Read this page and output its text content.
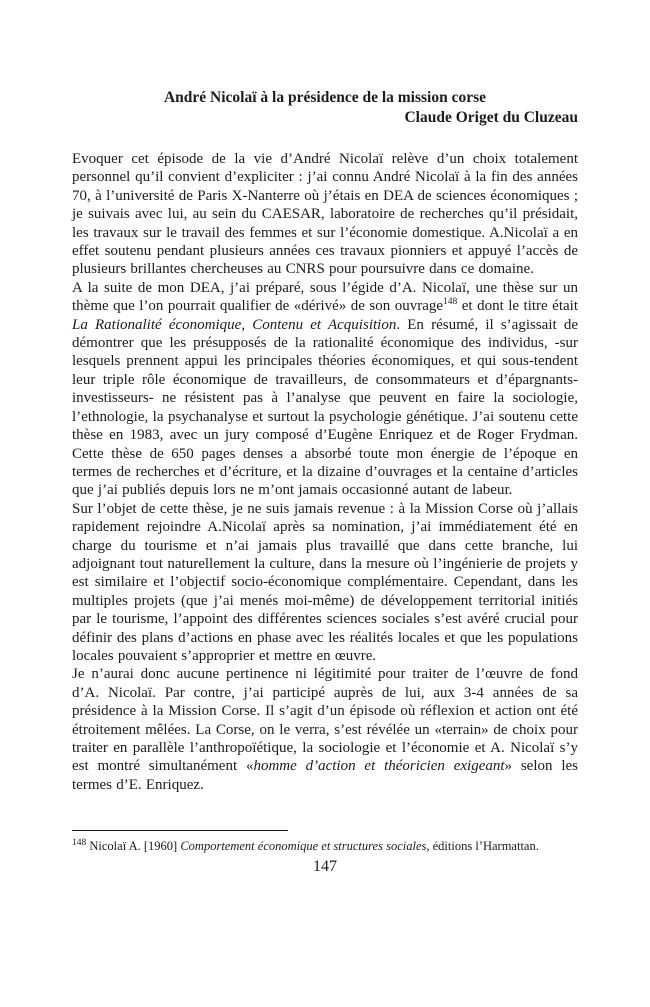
André Nicolaï à la présidence de la mission corse
Claude Origet du Cluzeau

Evoquer cet épisode de la vie d’André Nicolaï relève d’un choix totalement personnel qu’il convient d’expliciter : j’ai connu André Nicolaï à la fin des années 70, à l’université de Paris X-Nanterre où j’étais en DEA de sciences économiques ; je suivais avec lui, au sein du CAESAR, laboratoire de recherches qu’il présidait, les travaux sur le travail des femmes et sur l’économie domestique. A.Nicolaï a en effet soutenu pendant plusieurs années ces travaux pionniers et appuyé l’accès de plusieurs brillantes chercheuses au CNRS pour poursuivre dans ce domaine.

A la suite de mon DEA, j’ai préparé, sous l’égide d’A. Nicolaï, une thèse sur un thème que l’on pourrait qualifier de «dérivé» de son ouvrage$^{148}$ et dont le titre était La Rationalité économique, Contenu et Acquisition. En résumé, il s’agissait de démontrer que les présupposés de la rationalité économique des individus, -sur lesquels prennent appui les principales théories économiques, et qui sous-tendent leur triple rôle économique de travailleurs, de consommateurs et d’épargnants-investisseurs- ne résistent pas à l’analyse que peuvent en faire la sociologie, l’ethnologie, la psychanalyse et surtout la psychologie génétique. J’ai soutenu cette thèse en 1983, avec un jury composé d’Eugène Enriquez et de Roger Frydman. Cette thèse de 650 pages denses a absorbé toute mon énergie de l’époque en termes de recherches et d’écriture, et la dizaine d’ouvrages et la centaine d’articles que j’ai publiés depuis lors ne m’ont jamais occasionné autant de labeur.

Sur l’objet de cette thèse, je ne suis jamais revenue : à la Mission Corse où j’allais rapidement rejoindre A.Nicolaï après sa nomination, j’ai immédiatement été en charge du tourisme et n’ai jamais plus travaillé que dans cette branche, lui adjoignant tout naturellement la culture, dans la mesure où l’ingénierie de projets y est similaire et l’objectif socio-économique complémentaire. Cependant, dans les multiples projets (que j’ai menés moi-même) de développement territorial initiés par le tourisme, l’appoint des différentes sciences sociales s’est avéré crucial pour définir des plans d’actions en phase avec les réalités locales et que les populations locales pouvaient s’approprier et mettre en œuvre.

Je n’aurai donc aucune pertinence ni légitimité pour traiter de l’œuvre de fond d’A. Nicolaï. Par contre, j’ai participé auprès de lui, aux 3-4 années de sa présidence à la Mission Corse. Il s’agit d’un épisode où réflexion et action ont été étroitement mêlées. La Corse, on le verra, s’est révélée un «terrain» de choix pour traiter en parallèle l’anthropoïétique, la sociologie et l’économie et A. Nicolaï s’y est montré simultanément «homme d’action et théoricien exigeant» selon les termes d’E. Enriquez.

$^{148}$ Nicolaï A. [1960] Comportement économique et structures sociales, éditions l’Harmattan.
147
